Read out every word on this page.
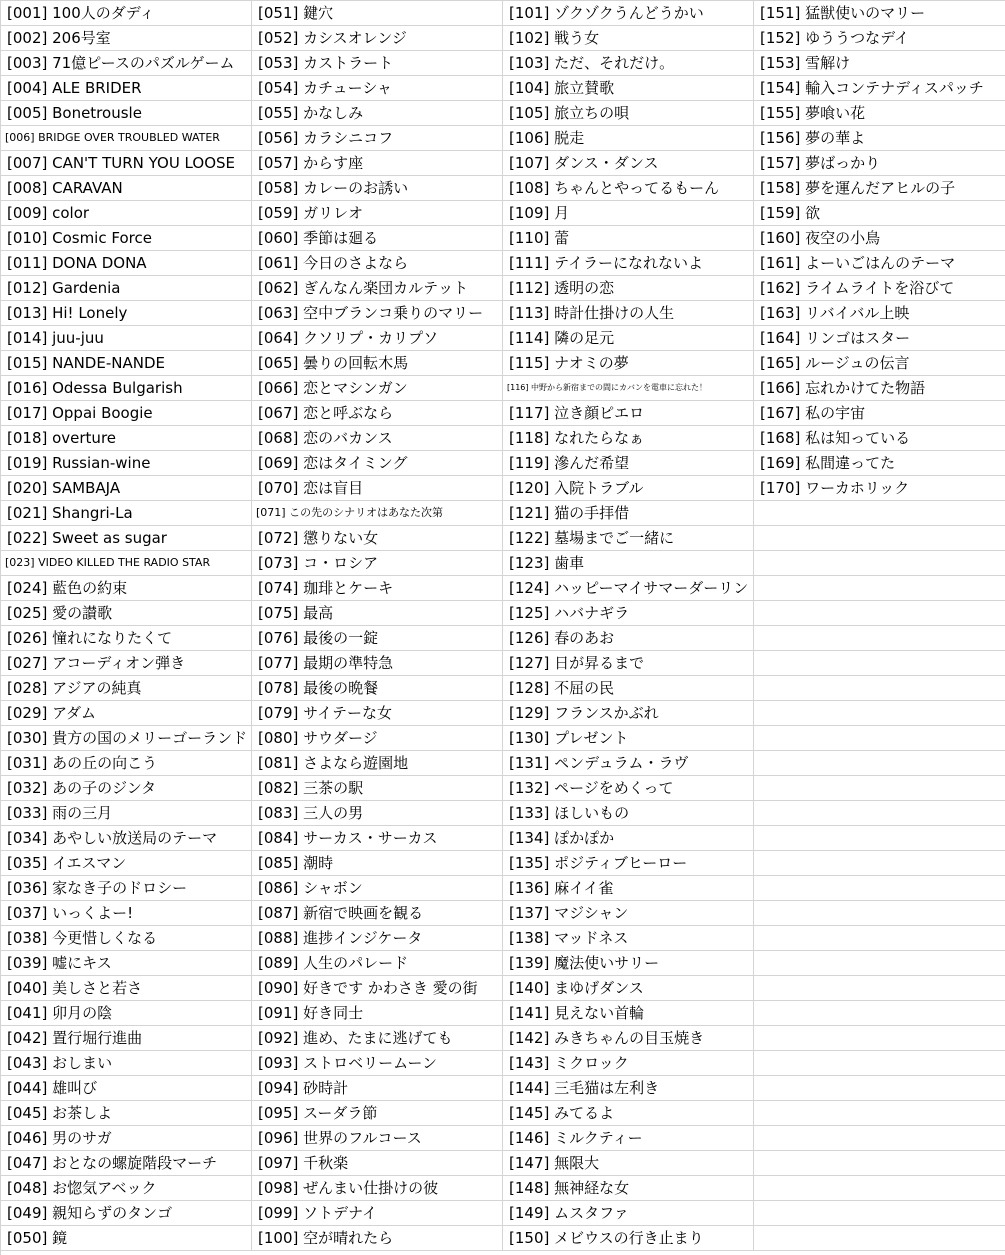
[001] 100人のダディ
[002] 206号室
[003] 71億ピースのパズルゲーム
[004] ALE BRIDER
[005] Bonetrousle
[006] BRIDGE OVER TROUBLED WATER
[007] CAN'T TURN YOU LOOSE
[008] CARAVAN
[009] color
[010] Cosmic Force
[011] DONA DONA
[012] Gardenia
[013] Hi! Lonely
[014] juu-juu
[015] NANDE-NANDE
[016] Odessa Bulgarish
[017] Oppai Boogie
[018] overture
[019] Russian-wine
[020] SAMBAJA
[021] Shangri-La
[022] Sweet as sugar
[023] VIDEO KILLED THE RADIO STAR
[024] 藍色の約束
[025] 愛の讃歌
[026] 憧れになりたくて
[027] アコーディオン弾き
[028] アジアの純真
[029] アダム
[030] 貴方の国のメリーゴーランド
[031] あの丘の向こう
[032] あの子のジンタ
[033] 雨の三月
[034] あやしい放送局のテーマ
[035] イエスマン
[036] 家なき子のドロシー
[037] いっくよー!
[038] 今更惜しくなる
[039] 嘘にキス
[040] 美しさと若さ
[041] 卯月の陰
[042] 置行堀行進曲
[043] おしまい
[044] 雄叫び
[045] お茶しよ
[046] 男のサガ
[047] おとなの螺旋階段マーチ
[048] お惚気アベック
[049] 親知らずのタンゴ
[050] 鏡
[051] 鍵穴
[052] カシスオレンジ
[053] カストラート
[054] カチューシャ
[055] かなしみ
[056] カラシニコフ
[057] からす座
[058] カレーのお誘い
[059] ガリレオ
[060] 季節は廻る
[061] 今日のさよなら
[062] ぎんなん楽団カルテット
[063] 空中ブランコ乗りのマリー
[064] クソリプ・カリプソ
[065] 曇りの回転木馬
[066] 恋とマシンガン
[067] 恋と呼ぶなら
[068] 恋のバカンス
[069] 恋はタイミング
[070] 恋は盲目
[071] この先のシナリオはあなた次第
[072] 懲りない女
[073] コ・ロシア
[074] 珈琲とケーキ
[075] 最高
[076] 最後の一錠
[077] 最期の準特急
[078] 最後の晩餐
[079] サイテーな女
[080] サウダージ
[081] さよなら遊園地
[082] 三茶の駅
[083] 三人の男
[084] サーカス・サーカス
[085] 潮時
[086] シャボン
[087] 新宿で映画を観る
[088] 進捗インジケータ
[089] 人生のパレード
[090] 好きです かわさき 愛の街
[091] 好き同士
[092] 進め、たまに逃げても
[093] ストロベリームーン
[094] 砂時計
[095] スーダラ節
[096] 世界のフルコース
[097] 千秋楽
[098] ぜんまい仕掛けの彼
[099] ソトデナイ
[100] 空が晴れたら
[101] ゾクゾクうんどうかい
[102] 戦う女
[103] ただ、それだけ。
[104] 旅立賛歌
[105] 旅立ちの唄
[106] 脱走
[107] ダンス・ダンス
[108] ちゃんとやってるもーん
[109] 月
[110] 蕾
[111] テイラーになれないよ
[112] 透明の恋
[113] 時計仕掛けの人生
[114] 隣の足元
[115] ナオミの夢
[116] 中野から新宿までの間にカバンを電車に忘れた！
[117] 泣き顔ピエロ
[118] なれたらなぁ
[119] 滲んだ希望
[120] 入院トラブル
[121] 猫の手拝借
[122] 墓場までご一緒に
[123] 歯車
[124] ハッピーマイサマーダーリン
[125] ハバナギラ
[126] 春のあお
[127] 日が昇るまで
[128] 不屈の民
[129] フランスかぶれ
[130] プレゼント
[131] ペンデュラム・ラヴ
[132] ページをめくって
[133] ほしいもの
[134] ぽかぽか
[135] ポジティブヒーロー
[136] 麻イイ雀
[137] マジシャン
[138] マッドネス
[139] 魔法使いサリー
[140] まゆげダンス
[141] 見えない首輪
[142] みきちゃんの目玉焼き
[143] ミクロック
[144] 三毛猫は左利き
[145] みてるよ
[146] ミルクティー
[147] 無限大
[148] 無神経な女
[149] ムスタファ
[150] メビウスの行き止まり
[151] 猛獣使いのマリー
[152] ゆううつなデイ
[153] 雪解け
[154] 輸入コンテナディスパッチ
[155] 夢喰い花
[156] 夢の華よ
[157] 夢ばっかり
[158] 夢を運んだアヒルの子
[159] 欲
[160] 夜空の小鳥
[161] よーいごはんのテーマ
[162] ライムライトを浴びて
[163] リバイバル上映
[164] リンゴはスター
[165] ルージュの伝言
[166] 忘れかけてた物語
[167] 私の宇宙
[168] 私は知っている
[169] 私間違ってた
[170] ワーカホリック
